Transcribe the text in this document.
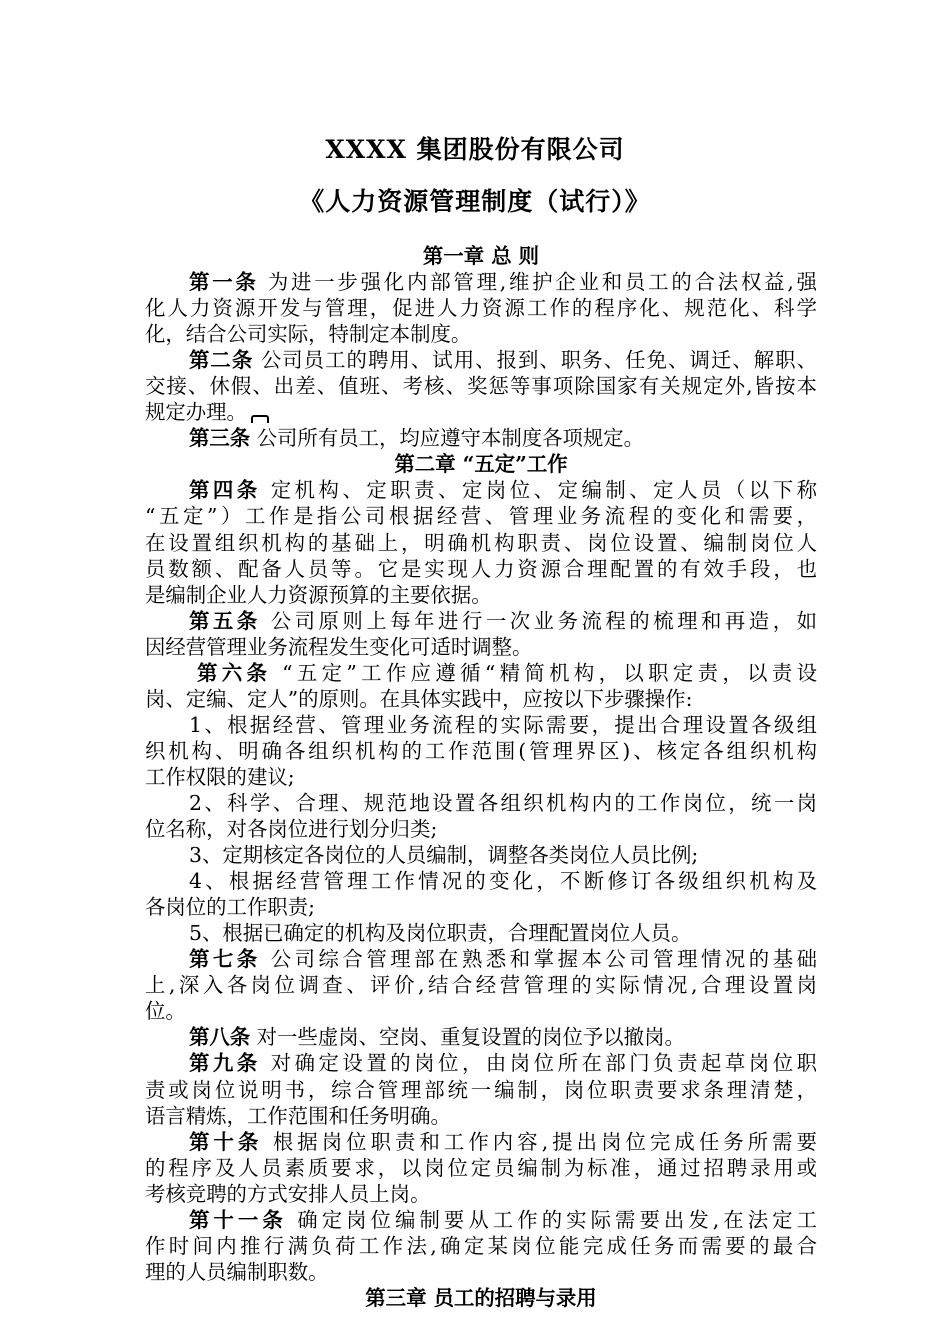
XXXX 集团股份有限公司
《人力资源管理制度（试行）》
第一章 总 则
第一条 为进一步强化内部管理,维护企业和员工的合法权益,强
化人力资源开发与管理，促进人力资源工作的程序化、规范化、科学
化，结合公司实际，特制定本制度。
第二条 公司员工的聘用、试用、报到、职务、任免、调迁、解职、
交接、休假、出差、值班、考核、奖惩等事项除国家有关规定外,皆按本
规定办理。
第三条 公司所有员工，均应遵守本制度各项规定。
第二章 “五定”工作
第四条 定机构、定职责、定岗位、定编制、定人员（以下称
“五定”）工作是指公司根据经营、管理业务流程的变化和需要，
在设置组织机构的基础上，明确机构职责、岗位设置、编制岗位人
员数额、配备人员等。它是实现人力资源合理配置的有效手段，也
是编制企业人力资源预算的主要依据。
第五条 公司原则上每年进行一次业务流程的梳理和再造，如
因经营管理业务流程发生变化可适时调整。
第六条 “五定”工作应遵循“精简机构，以职定责，以责设
岗、定编、定人”的原则。在具体实践中，应按以下步骤操作:
1、根据经营、管理业务流程的实际需要，提出合理设置各级组
织机构、明确各组织机构的工作范围(管理界区)、核定各组织机构
工作权限的建议;
2、科学、合理、规范地设置各组织机构内的工作岗位，统一岗
位名称，对各岗位进行划分归类;
3、定期核定各岗位的人员编制，调整各类岗位人员比例;
4、根据经营管理工作情况的变化，不断修订各级组织机构及
各岗位的工作职责;
5、根据已确定的机构及岗位职责，合理配置岗位人员。
第七条 公司综合管理部在熟悉和掌握本公司管理情况的基础
上,深入各岗位调查、评价,结合经营管理的实际情况,合理设置岗
位。
第八条 对一些虚岗、空岗、重复设置的岗位予以撤岗。
第九条 对确定设置的岗位，由岗位所在部门负责起草岗位职
责或岗位说明书，综合管理部统一编制，岗位职责要求条理清楚，
语言精炼，工作范围和任务明确。
第十条 根据岗位职责和工作内容,提出岗位完成任务所需要
的程序及人员素质要求，以岗位定员编制为标准，通过招聘录用或
考核竞聘的方式安排人员上岗。
第十一条 确定岗位编制要从工作的实际需要出发,在法定工
作时间内推行满负荷工作法,确定某岗位能完成任务而需要的最合
理的人员编制职数。
第三章 员工的招聘与录用
